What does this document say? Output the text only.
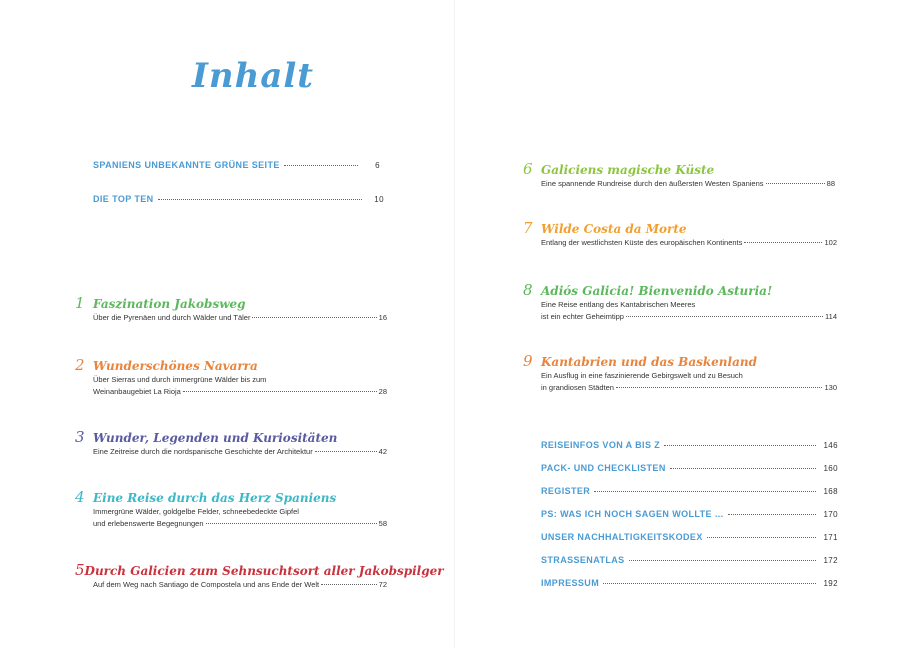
Inhalt
SPANIENS UNBEKANNTE GRÜNE SEITE	6
DIE TOP TEN	10
1 Faszination Jakobsweg
Über die Pyrenäen und durch Wälder und Täler	16
2 Wunderschönes Navarra
Über Sierras und durch immergrüne Wälder bis zum
Weinanbaugebiet La Rioja	28
3 Wunder, Legenden und Kuriositäten
Eine Zeitreise durch die nordspanische Geschichte der Architektur	42
4 Eine Reise durch das Herz Spaniens
Immergrüne Wälder, goldgelbe Felder, schneebedeckte Gipfel
und erlebenswerte Begegnungen	58
5 Durch Galicien zum Sehnsuchtsort aller Jakobspilger
Auf dem Weg nach Santiago de Compostela und ans Ende der Welt	72
6 Galiciens magische Küste
Eine spannende Rundreise durch den äußersten Westen Spaniens	88
7 Wilde Costa da Morte
Entlang der westlichsten Küste des europäischen Kontinents	102
8 Adiós Galicia! Bienvenido Asturia!
Eine Reise entlang des Kantabrischen Meeres
ist ein echter Geheimtipp	114
9 Kantabrien und das Baskenland
Ein Ausflug in eine faszinierende Gebirgswelt und zu Besuch
in grandiosen Städten	130
REISEINFOS VON A BIS Z	146
PACK- UND CHECKLISTEN	160
REGISTER	168
PS: WAS ICH NOCH SAGEN WOLLTE ...	170
UNSER NACHHALTIGKEITSKODEX	171
STRASSENATLAS	172
IMPRESSUM	192
